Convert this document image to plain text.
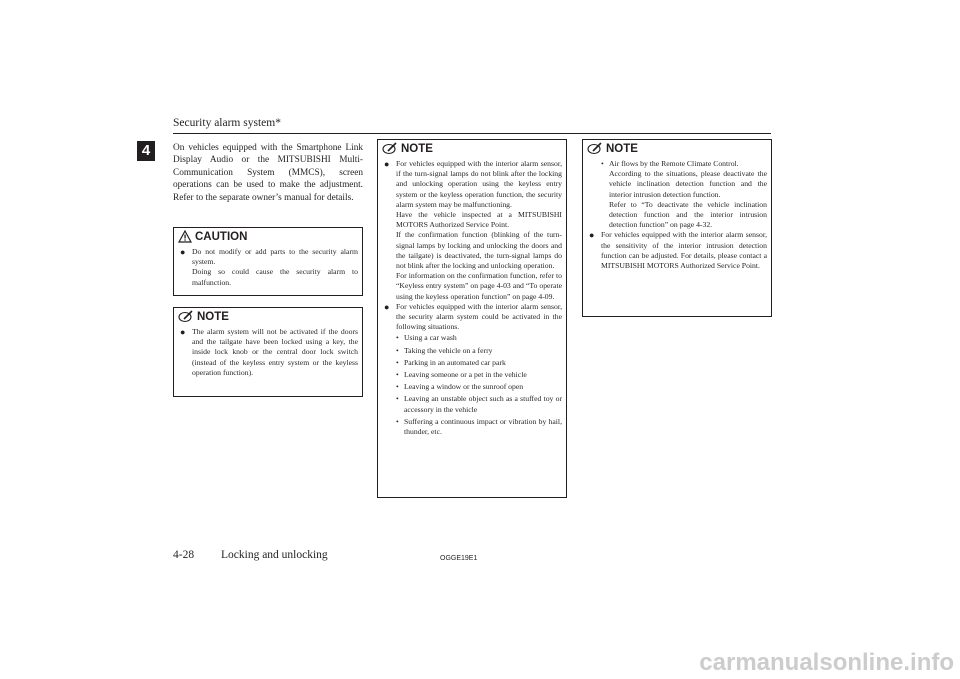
Security alarm system*
4	On vehicles equipped with the Smartphone Link Display Audio or the MITSUBISHI Multi-Communication System (MMCS), screen operations can be used to make the adjustment. Refer to the separate owner’s manual for details.
CAUTION
● Do not modify or add parts to the security alarm system.
Doing so could cause the security alarm to malfunction.
NOTE
● The alarm system will not be activated if the doors and the tailgate have been locked using a key, the inside lock knob or the central door lock switch (instead of the keyless entry system or the keyless operation function).
NOTE
● For vehicles equipped with the interior alarm sensor, if the turn-signal lamps do not blink after the locking and unlocking operation using the keyless entry system or the keyless operation function, the security alarm system may be malfunctioning.
Have the vehicle inspected at a MITSUBISHI MOTORS Authorized Service Point.
If the confirmation function (blinking of the turn-signal lamps by locking and unlocking the doors and the tailgate) is deactivated, the turn-signal lamps do not blink after the locking and unlocking operation.
For information on the confirmation function, refer to “Keyless entry system” on page 4-03 and “To operate using the keyless operation function” on page 4-09.
● For vehicles equipped with the interior alarm sensor, the security alarm system could be activated in the following situations.
• Using a car wash
• Taking the vehicle on a ferry
• Parking in an automated car park
• Leaving someone or a pet in the vehicle
• Leaving a window or the sunroof open
• Leaving an unstable object such as a stuffed toy or accessory in the vehicle
• Suffering a continuous impact or vibration by hail, thunder, etc.
NOTE
• Air flows by the Remote Climate Control.
According to the situations, please deactivate the vehicle inclination detection function and the interior intrusion detection function.
Refer to “To deactivate the vehicle inclination detection function and the interior intrusion detection function” on page 4-32.
● For vehicles equipped with the interior alarm sensor, the sensitivity of the interior intrusion detection function can be adjusted. For details, please contact a MITSUBISHI MOTORS Authorized Service Point.
4-28 Locking and unlocking	OGGE19E1
carmanualsonline.info
